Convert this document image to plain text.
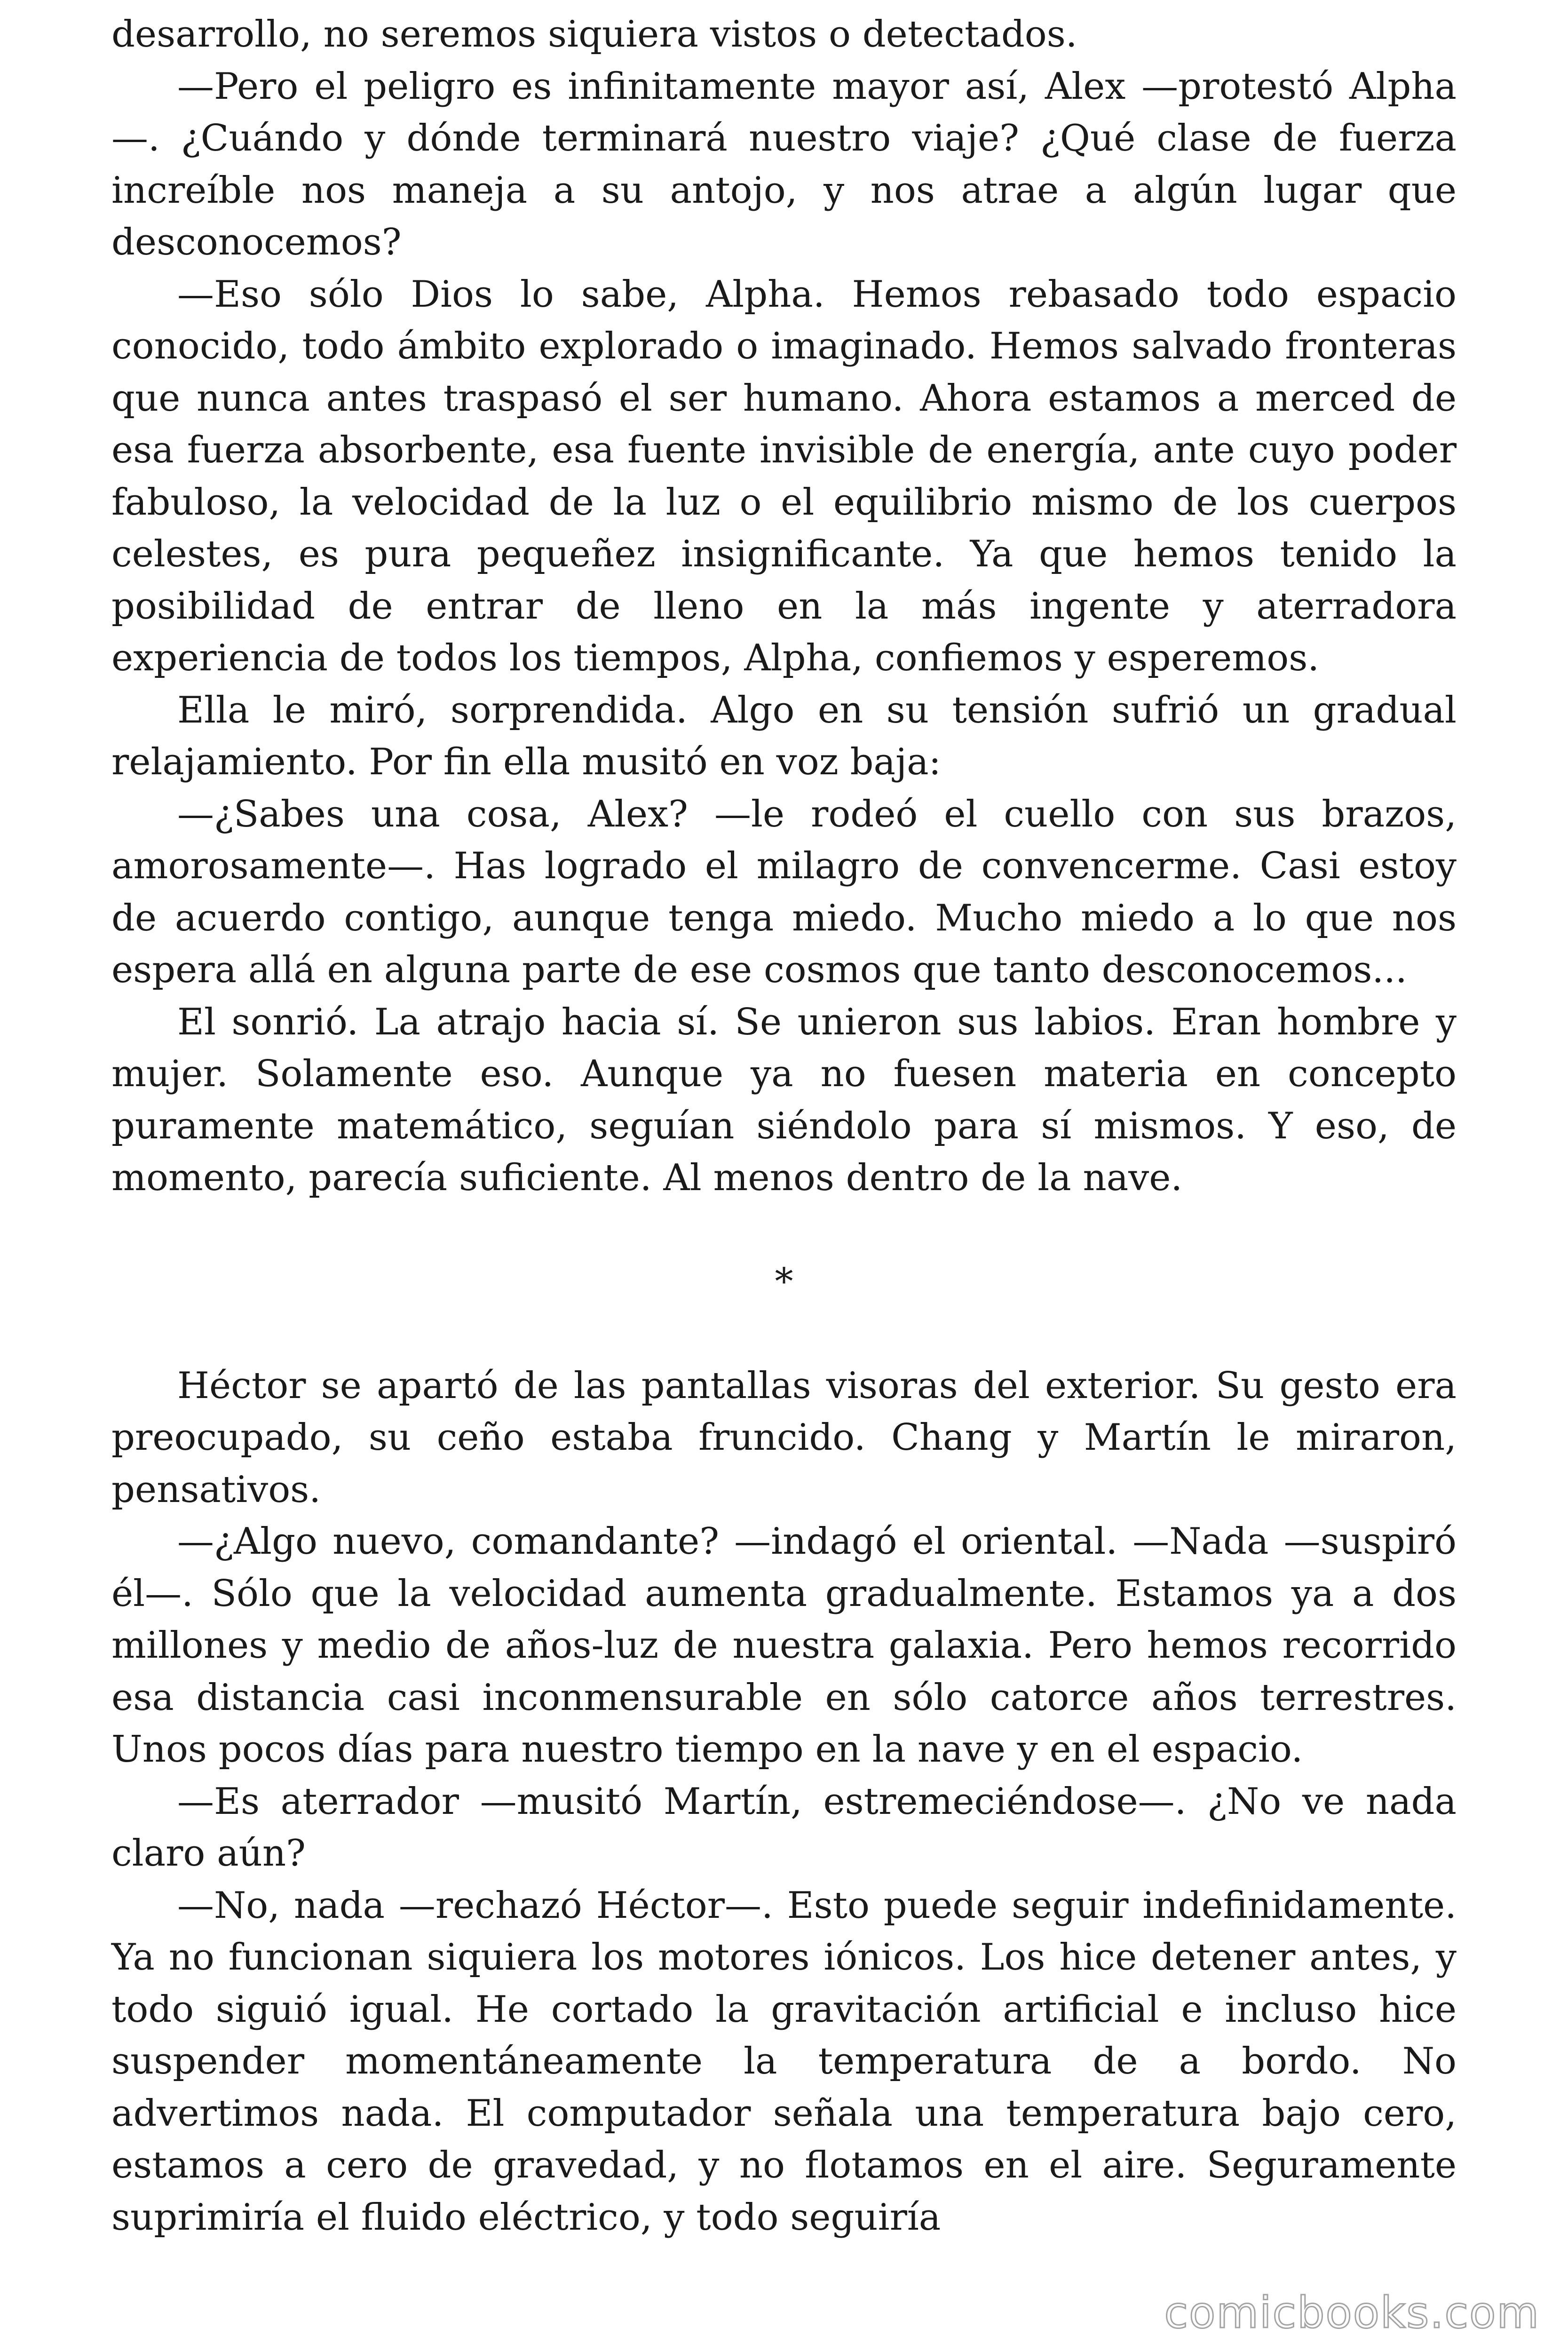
desarrollo, no seremos siquiera vistos o detectados.

—Pero el peligro es infinitamente mayor así, Alex —protestó Alpha—. ¿Cuándo y dónde terminará nuestro viaje? ¿Qué clase de fuerza increíble nos maneja a su antojo, y nos atrae a algún lugar que desconocemos?

—Eso sólo Dios lo sabe, Alpha. Hemos rebasado todo espacio conocido, todo ámbito explorado o imaginado. Hemos salvado fronteras que nunca antes traspasó el ser humano. Ahora estamos a merced de esa fuerza absorbente, esa fuente invisible de energía, ante cuyo poder fabuloso, la velocidad de la luz o el equilibrio mismo de los cuerpos celestes, es pura pequeñez insignificante. Ya que hemos tenido la posibilidad de entrar de lleno en la más ingente y aterradora experiencia de todos los tiempos, Alpha, confiemos y esperemos.

Ella le miró, sorprendida. Algo en su tensión sufrió un gradual relajamiento. Por fin ella musitó en voz baja:

—¿Sabes una cosa, Alex? —le rodeó el cuello con sus brazos, amorosamente—. Has logrado el milagro de convencerme. Casi estoy de acuerdo contigo, aunque tenga miedo. Mucho miedo a lo que nos espera allá en alguna parte de ese cosmos que tanto desconocemos...

El sonrió. La atrajo hacia sí. Se unieron sus labios. Eran hombre y mujer. Solamente eso. Aunque ya no fuesen materia en concepto puramente matemático, seguían siéndolo para sí mismos. Y eso, de momento, parecía suficiente. Al menos dentro de la nave.

*

Héctor se apartó de las pantallas visoras del exterior. Su gesto era preocupado, su ceño estaba fruncido. Chang y Martín le miraron, pensativos.

—¿Algo nuevo, comandante? —indagó el oriental. —Nada —suspiró él—. Sólo que la velocidad aumenta gradualmente. Estamos ya a dos millones y medio de años-luz de nuestra galaxia. Pero hemos recorrido esa distancia casi inconmensurable en sólo catorce años terrestres. Unos pocos días para nuestro tiempo en la nave y en el espacio.

—Es aterrador —musitó Martín, estremeciéndose—. ¿No ve nada claro aún?

—No, nada —rechazó Héctor—. Esto puede seguir indefinidamente. Ya no funcionan siquiera los motores iónicos. Los hice detener antes, y todo siguió igual. He cortado la gravitación artificial e incluso hice suspender momentáneamente la temperatura de a bordo. No advertimos nada. El computador señala una temperatura bajo cero, estamos a cero de gravedad, y no flotamos en el aire. Seguramente suprimiría el fluido eléctrico, y todo seguiría

comicbooks.com
